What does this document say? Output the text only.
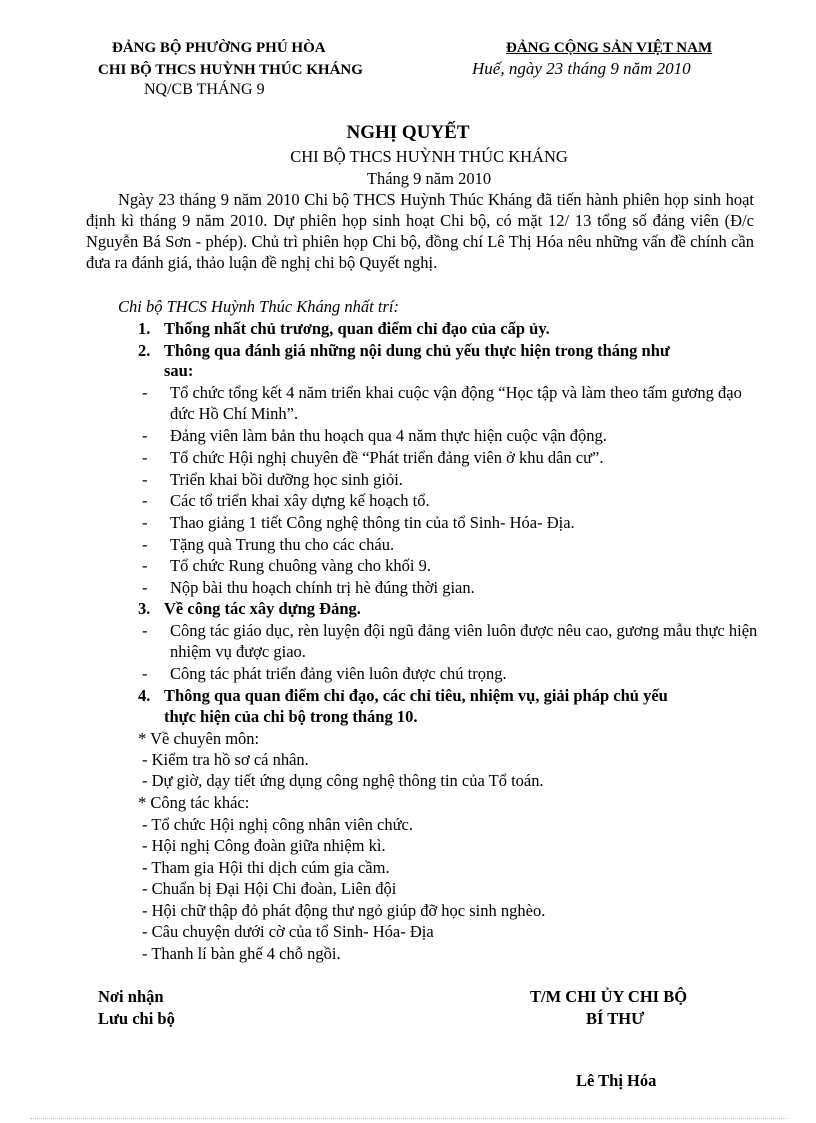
ĐẢNG BỘ PHƯỜNG PHÚ HÒA
CHI BỘ THCS HUỲNH THÚC KHÁNG
NQ/CB THÁNG 9
ĐẢNG CỘNG SẢN VIỆT NAM
Huế, ngày 23 tháng 9 năm 2010
NGHỊ QUYẾT
CHI BỘ THCS HUỲNH THÚC KHÁNG
Tháng 9 năm 2010
Ngày 23 tháng 9 năm 2010 Chi bộ THCS Huỳnh Thúc Kháng đã tiến hành phiên họp sinh hoạt định kì tháng 9 năm 2010. Dự phiên họp sinh hoạt Chi bộ, có mặt 12/ 13 tổng số đảng viên (Đ/c Nguyễn Bá Sơn - phép). Chủ trì phiên họp Chi bộ, đồng chí Lê Thị Hóa nêu những vấn đề chính cần đưa ra đánh giá, thảo luận đề nghị chi bộ Quyết nghị.
Chi bộ THCS Huỳnh Thúc Kháng nhất trí:
1. Thống nhất chủ trương, quan điểm chỉ đạo của cấp ủy.
2. Thông qua đánh giá những nội dung chủ yếu thực hiện trong tháng như
sau:
- Tổ chức tổng kết 4 năm triển khai cuộc vận động “Học tập và làm theo tấm gương đạo đức Hồ Chí Minh”.
- Đảng viên làm bản thu hoạch qua 4 năm thực hiện cuộc vận động.
- Tổ chức Hội nghị chuyên đề “Phát triển đảng viên ở khu dân cư”.
- Triển khai bồi dưỡng học sinh giỏi.
- Các tổ triển khai xây dựng kế hoạch tổ.
- Thao giảng 1 tiết Công nghệ thông tin của tổ Sinh- Hóa- Địa.
- Tặng quà Trung thu cho các cháu.
- Tổ chức Rung chuông vàng cho khối 9.
- Nộp bài thu hoạch chính trị hè đúng thời gian.
3. Về công tác xây dựng Đảng.
- Công tác giáo dục, rèn luyện đội ngũ đảng viên luôn được nêu cao, gương mẫu thực hiện nhiệm vụ được giao.
- Công tác phát triển đảng viên luôn được chú trọng.
4. Thông qua quan điểm chỉ đạo, các chỉ tiêu, nhiệm vụ, giải pháp chủ yếu
thực hiện của chi bộ trong tháng 10.
* Về chuyên môn:
- Kiểm tra hồ sơ cá nhân.
- Dự giờ, dạy tiết ứng dụng công nghệ thông tin của Tổ toán.
* Công tác khác:
- Tổ chức Hội nghị công nhân viên chức.
- Hội nghị Công đoàn giữa nhiệm kì.
- Tham gia Hội thi dịch cúm gia cầm.
- Chuẩn bị Đại Hội Chi đoàn, Liên đội
- Hội chữ thập đỏ phát động thư ngỏ giúp đỡ học sinh nghèo.
- Câu chuyện dưới cờ của tổ Sinh- Hóa- Địa
- Thanh lí bàn ghế 4 chỗ ngồi.
Nơi nhận
Lưu chi bộ
T/M CHI ỦY CHI BỘ
BÍ THƯ
Lê Thị Hóa
